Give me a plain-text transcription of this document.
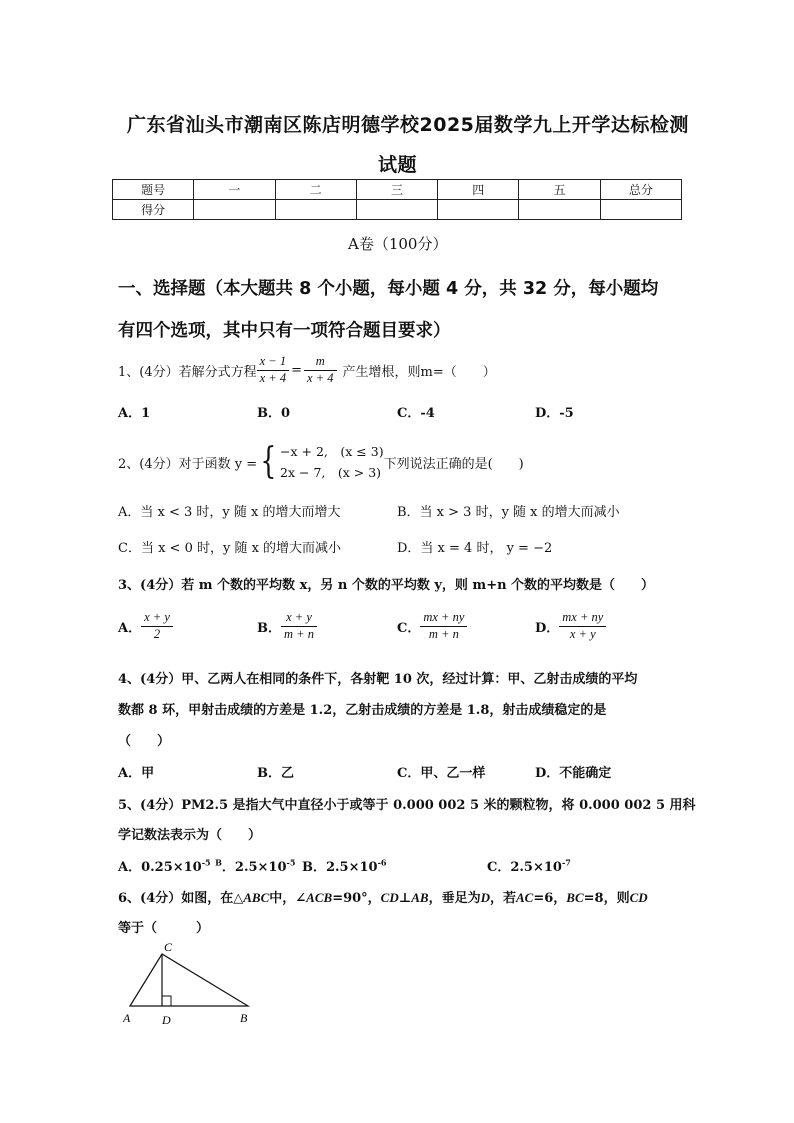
广东省汕头市潮南区陈店明德学校2025届数学九上开学达标检测
试题
题号	一	二	三	四	五	总分
得分						
A卷（100分）
一、选择题（本大题共 8 个小题，每小题 4 分，共 32 分，每小题均
有四个选项，其中只有一项符合题目要求）
1、(4分）若解分式方程 $\frac{x - 1}{x + 4} = \frac{m}{x + 4}$ 产生增根，则m=（　　）
A．1	B．0	C．-4	D．-5
2、(4分）对于函数 y = { −x + 2,　(x ≤ 3)
2x − 7,　(x > 3)
下列说法正确的是(　　)
A．当 x < 3 时，y 随 x 的增大而增大	B．当 x > 3 时，y 随 x 的增大而减小
C．当 x < 0 时，y 随 x 的增大而减小	D．当 x = 4 时， y = −2
3、(4分）若 m 个数的平均数 x，另 n 个数的平均数 y，则 m+n 个数的平均数是（　　）
A． $\frac{x + y}{2}$	B． $\frac{x + y}{m + n}$	C． $\frac{mx + ny}{m + n}$	D． $\frac{mx + ny}{x + y}$
4、(4分）甲、乙两人在相同的条件下，各射靶 10 次，经过计算：甲、乙射击成绩的平均
数都 8 环，甲射击成绩的方差是 1.2，乙射击成绩的方差是 1.8，射击成绩稳定的是
（　　）
A．甲	B．乙	C．甲、乙一样	D．不能确定
5、(4分）PM2.5 是指大气中直径小于或等于 0.000 002 5 米的颗粒物，将 0.000 002 5 用科
学记数法表示为（　　）
A．$0.25\times 10^{-5}$ $^B$．$2.5\times 10^{-5}$ B．$2.5\times 10^{-6}$	C．$2.5\times 10^{-7}$
6、(4分）如图，在△ABC中，∠ACB=90°，CD⊥AB，垂足为D，若AC=6，BC=8，则CD
等于（　　　）
C
A	D	B
